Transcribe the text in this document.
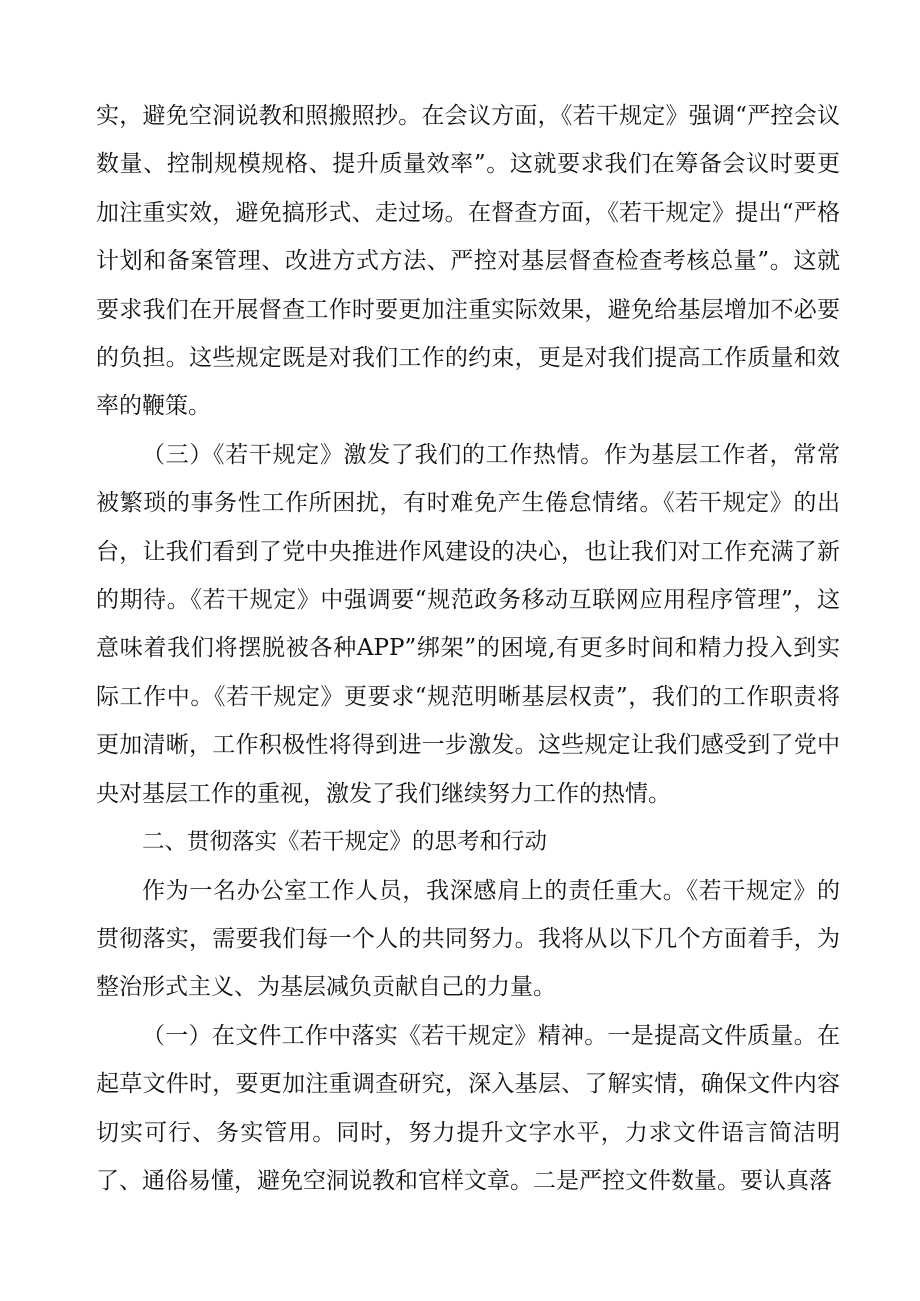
实，避免空洞说教和照搬照抄。在会议方面，《若干规定》强调“严控会议数量、控制规模规格、提升质量效率”。这就要求我们在筹备会议时要更加注重实效，避免搞形式、走过场。在督查方面，《若干规定》提出“严格计划和备案管理、改进方式方法、严控对基层督查检查考核总量”。这就要求我们在开展督查工作时要更加注重实际效果，避免给基层增加不必要的负担。这些规定既是对我们工作的约束，更是对我们提高工作质量和效率的鞭策。

（三）《若干规定》激发了我们的工作热情。作为基层工作者，常常被繁琐的事务性工作所困扰，有时难免产生倦怠情绪。《若干规定》的出台，让我们看到了党中央推进作风建设的决心，也让我们对工作充满了新的期待。《若干规定》中强调要“规范政务移动互联网应用程序管理”，这意味着我们将摆脱被各种APP”绑架”的困境,有更多时间和精力投入到实际工作中。《若干规定》更要求“规范明晰基层权责”，我们的工作职责将更加清晰，工作积极性将得到进一步激发。这些规定让我们感受到了党中央对基层工作的重视，激发了我们继续努力工作的热情。

二、贯彻落实《若干规定》的思考和行动

作为一名办公室工作人员，我深感肩上的责任重大。《若干规定》的贯彻落实，需要我们每一个人的共同努力。我将从以下几个方面着手，为整治形式主义、为基层减负贡献自己的力量。

（一）在文件工作中落实《若干规定》精神。一是提高文件质量。在起草文件时，要更加注重调查研究，深入基层、了解实情，确保文件内容切实可行、务实管用。同时，努力提升文字水平，力求文件语言简洁明了、通俗易懂，避免空洞说教和官样文章。二是严控文件数量。要认真落
